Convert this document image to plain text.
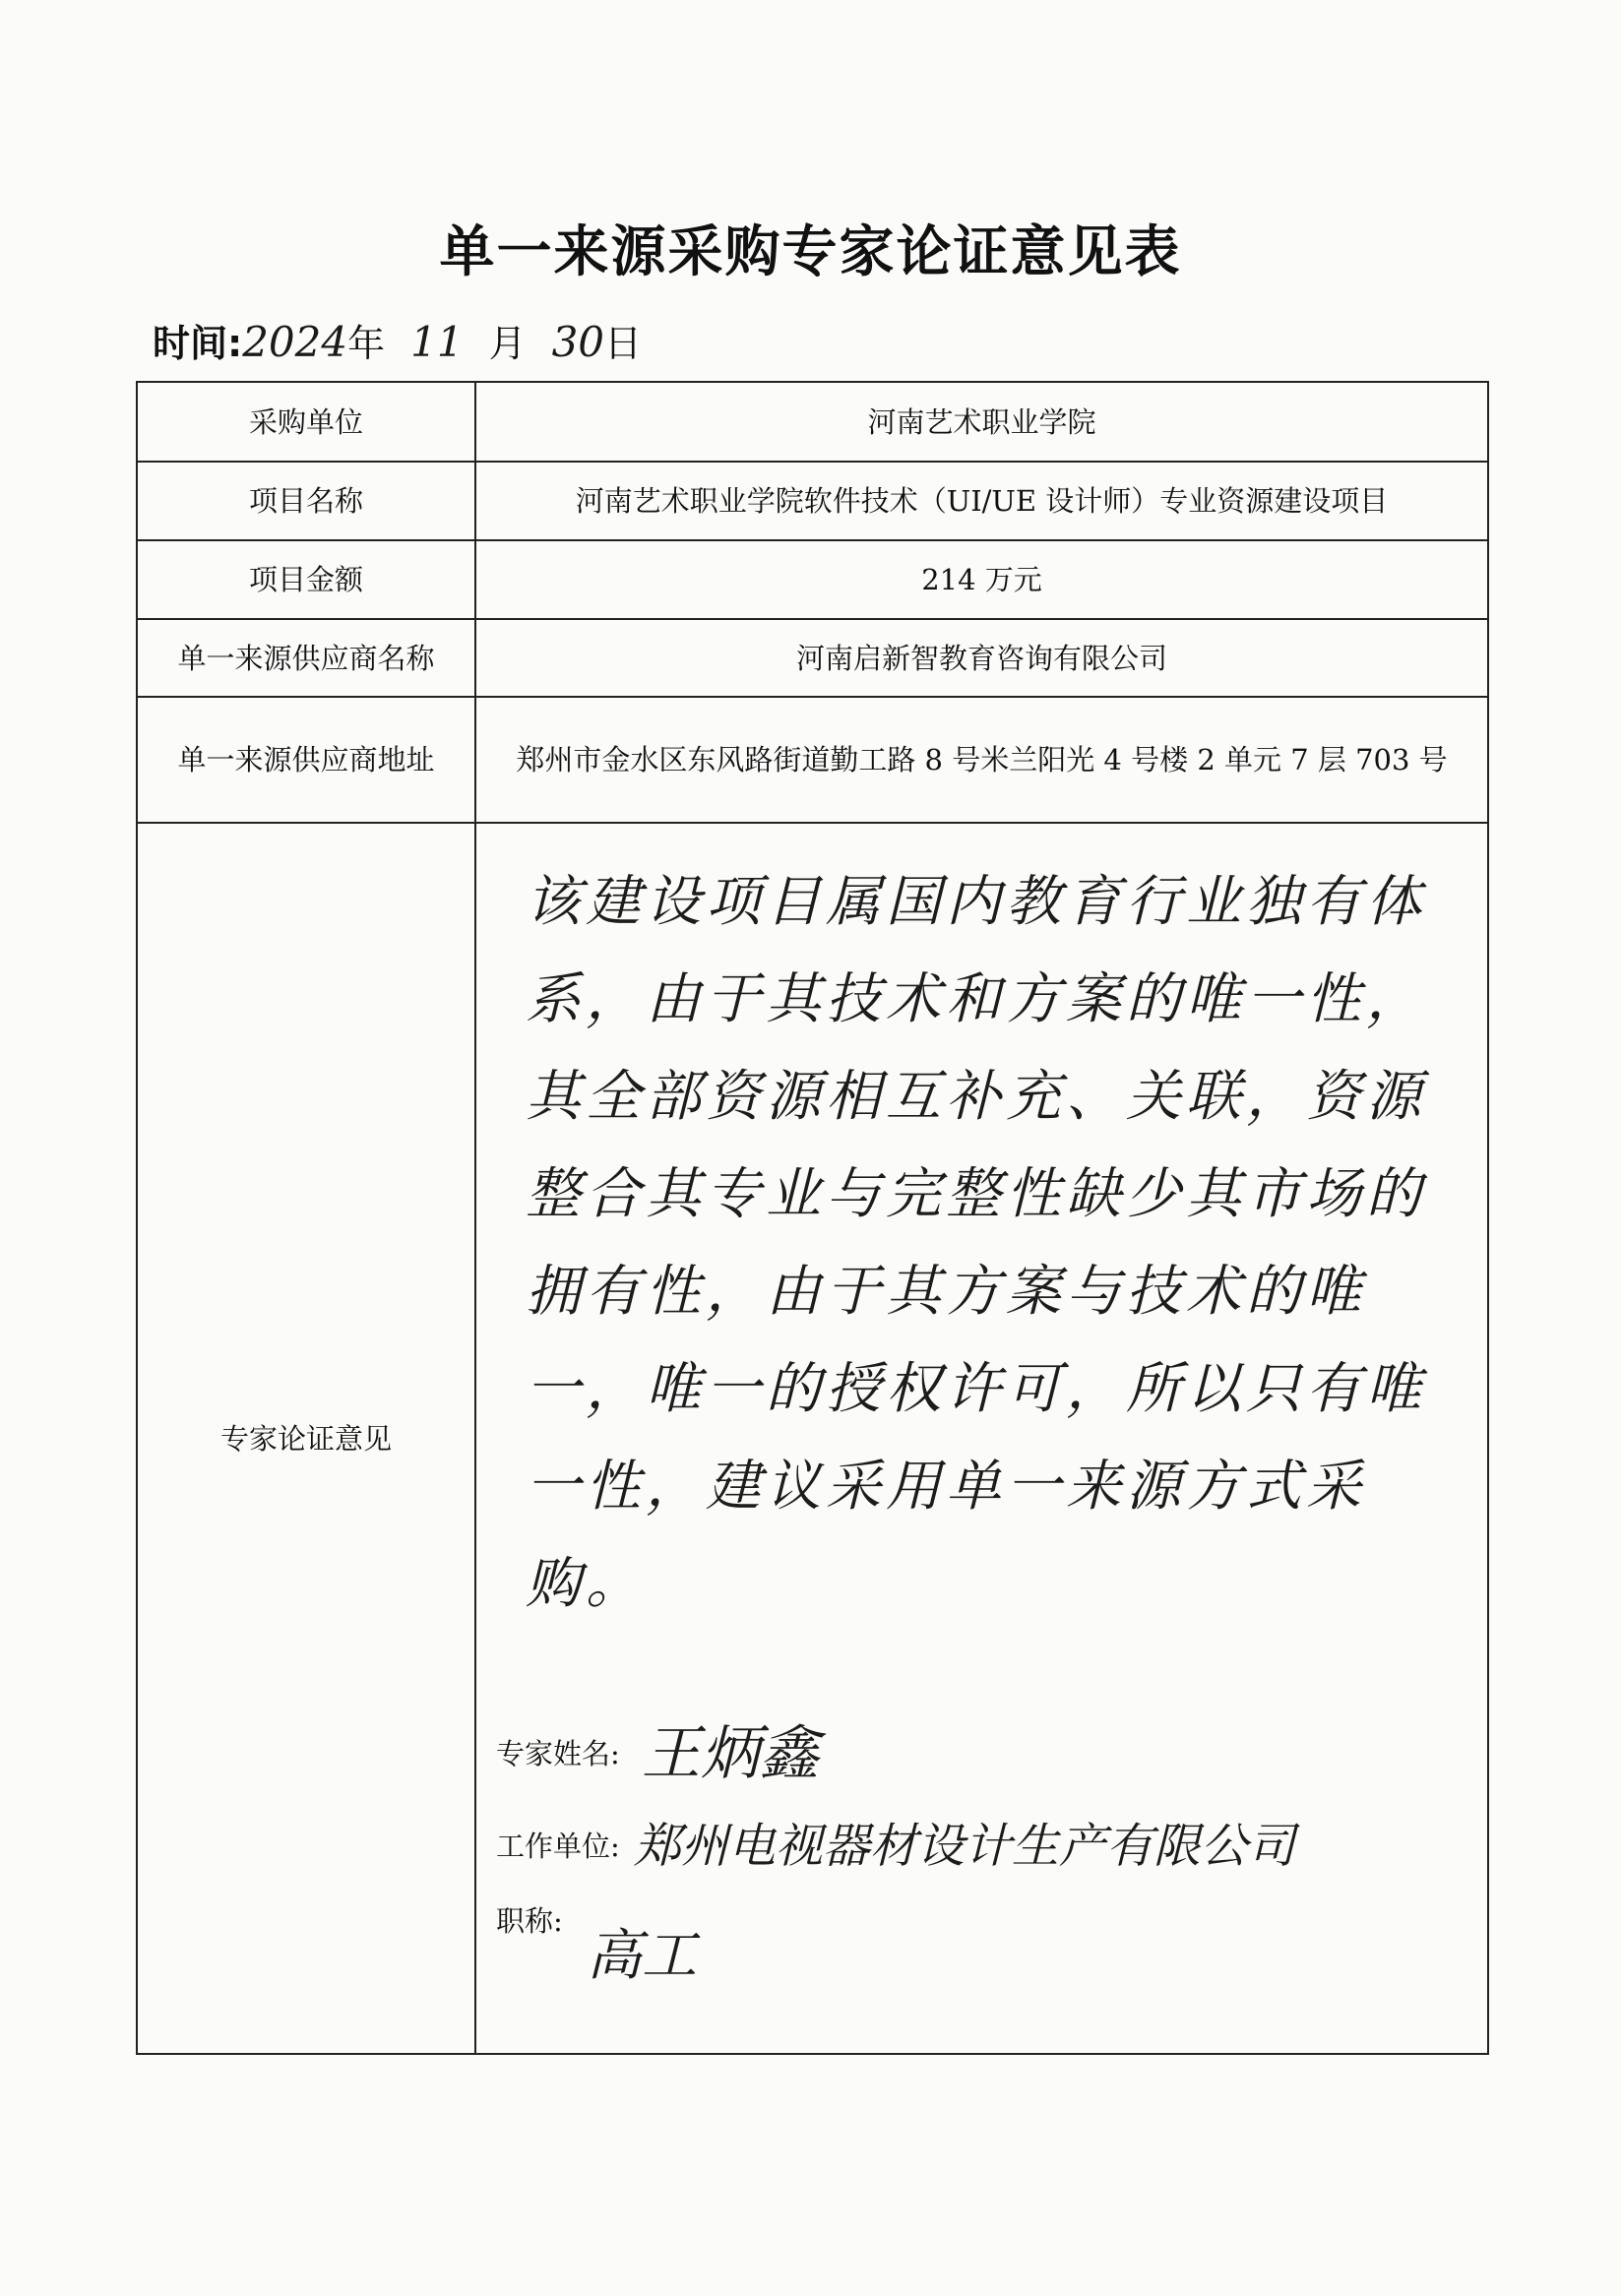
单一来源采购专家论证意见表
时间:2024年 11 月 30日
采购单位	河南艺术职业学院
项目名称	河南艺术职业学院软件技术（UI/UE 设计师）专业资源建设项目
项目金额	214 万元
单一来源供应商名称	河南启新智教育咨询有限公司
单一来源供应商地址	郑州市金水区东风路街道勤工路 8 号米兰阳光 4 号楼 2 单元 7 层 703 号
专家论证意见	该建设项目属国内教育行业独有体系，由于其技术和方案的唯一性，其全部资源相互补充、关联，资源整合其专业与完整性缺少其市场的拥有性，由于其方案与技术的唯一，唯一的授权许可，所以只有唯一性，建议采用单一来源方式采购。
专家姓名: 王炳鑫
工作单位: 郑州电视器材设计生产有限公司
职称:
高工
